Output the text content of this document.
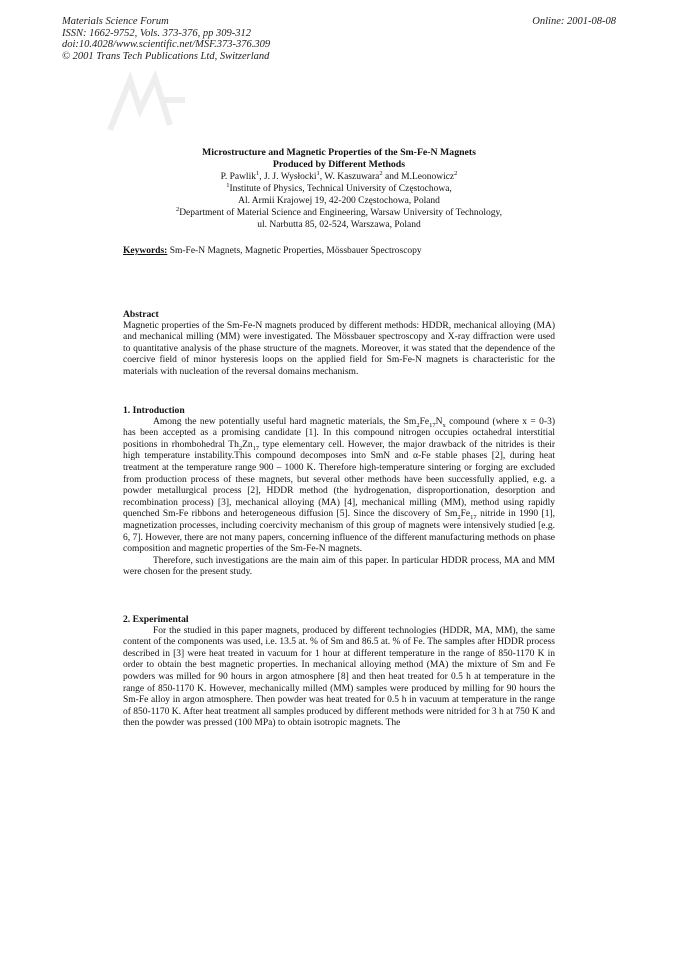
Materials Science Forum
ISSN: 1662-9752, Vols. 373-376, pp 309-312
doi:10.4028/www.scientific.net/MSF.373-376.309
© 2001 Trans Tech Publications Ltd, Switzerland
Online: 2001-08-08
Microstructure and Magnetic Properties of the Sm-Fe-N Magnets
Produced by Different Methods
P. Pawlik$^1$, J. J. Wysłocki$^1$, W. Kaszuwara$^2$ and M.Leonowicz$^2$
$^1$Institute of Physics, Technical University of Częstochowa,
Al. Armii Krajowej 19, 42-200 Częstochowa, Poland
$^2$Department of Material Science and Engineering, Warsaw University of Technology,
ul. Narbutta 85, 02-524, Warszawa, Poland
Keywords: Sm-Fe-N Magnets, Magnetic Properties, Mössbauer Spectroscopy
Abstract

Magnetic properties of the Sm-Fe-N magnets produced by different methods: HDDR, mechanical alloying (MA) and mechanical milling (MM) were investigated. The Mössbauer spectroscopy and X-ray diffraction were used to quantitative analysis of the phase structure of the magnets. Moreover, it was stated that the dependence of the coercive field of minor hysteresis loops on the applied field for Sm-Fe-N magnets is characteristic for the materials with nucleation of the reversal domains mechanism.

1. Introduction

Among the new potentially useful hard magnetic materials, the $Sm_2Fe_{17}N_x$ compound (where x = 0-3) has been accepted as a promising candidate [1]. In this compound nitrogen occupies octahedral interstitial positions in rhombohedral $Th_2Zn_{17}$ type elementary cell. However, the major drawback of the nitrides is their high temperature instability.This compound decomposes into SmN and α-Fe stable phases [2], during heat treatment at the temperature range 900 – 1000 K. Therefore high-temperature sintering or forging are excluded from production process of these magnets, but several other methods have been successfully applied, e.g. a powder metallurgical process [2], HDDR method (the hydrogenation, disproportionation, desorption and recombination process) [3], mechanical alloying (MA) [4], mechanical milling (MM), method using rapidly quenched Sm-Fe ribbons and heterogeneous diffusion [5]. Since the discovery of $Sm_2Fe_{17}$ nitride in 1990 [1], magnetization processes, including coercivity mechanism of this group of magnets were intensively studied [e.g. 6, 7]. However, there are not many papers, concerning influence of the different manufacturing methods on phase composition and magnetic properties of the Sm-Fe-N magnets.

Therefore, such investigations are the main aim of this paper. In particular HDDR process, MA and MM were chosen for the present study.

2. Experimental

For the studied in this paper magnets, produced by different technologies (HDDR, MA, MM), the same content of the components was used, i.e. 13.5 at. % of Sm and 86.5 at. % of Fe. The samples after HDDR process described in [3] were heat treated in vacuum for 1 hour at different temperature in the range of 850-1170 K in order to obtain the best magnetic properties. In mechanical alloying method (MA) the mixture of Sm and Fe powders was milled for 90 hours in argon atmosphere [8] and then heat treated for 0.5 h at temperature in the range of 850-1170 K. However, mechanically milled (MM) samples were produced by milling for 90 hours the Sm-Fe alloy in argon atmosphere. Then powder was heat treated for 0.5 h in vacuum at temperature in the range of 850-1170 K. After heat treatment all samples produced by different methods were nitrided for 3 h at 750 K and then the powder was pressed (100 MPa) to obtain isotropic magnets. The
